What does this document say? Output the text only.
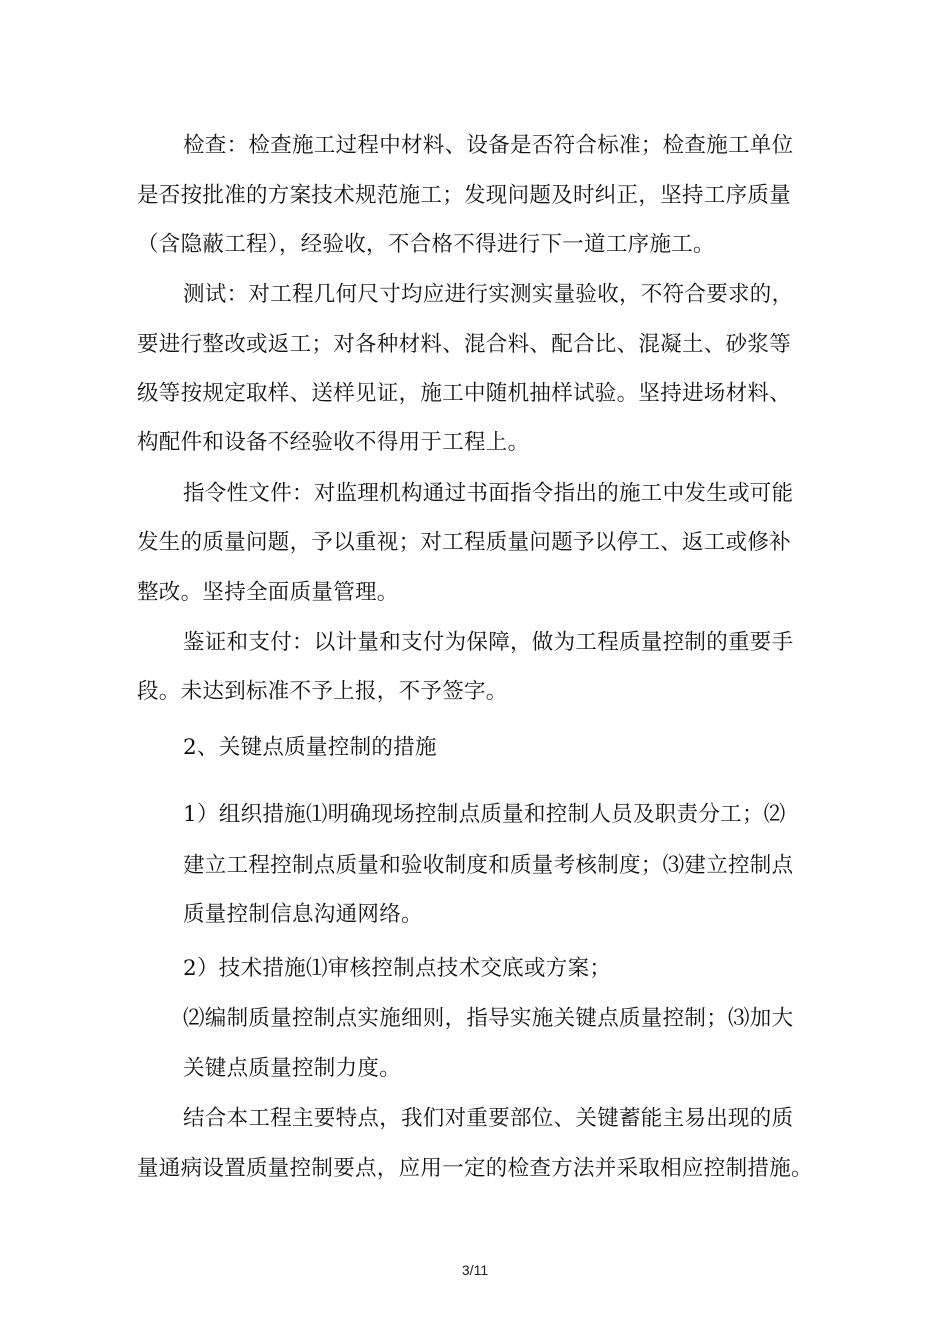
检查：检查施工过程中材料、设备是否符合标准；检查施工单位
是否按批准的方案技术规范施工；发现问题及时纠正，坚持工序质量
（含隐蔽工程），经验收，不合格不得进行下一道工序施工。
测试：对工程几何尺寸均应进行实测实量验收，不符合要求的，
要进行整改或返工；对各种材料、混合料、配合比、混凝土、砂浆等
级等按规定取样、送样见证，施工中随机抽样试验。坚持进场材料、
构配件和设备不经验收不得用于工程上。
指令性文件：对监理机构通过书面指令指出的施工中发生或可能
发生的质量问题，予以重视；对工程质量问题予以停工、返工或修补
整改。坚持全面质量管理。
鉴证和支付：以计量和支付为保障，做为工程质量控制的重要手
段。未达到标准不予上报，不予签字。
2、关键点质量控制的措施
1）组织措施⑴明确现场控制点质量和控制人员及职责分工；⑵
建立工程控制点质量和验收制度和质量考核制度；⑶建立控制点
质量控制信息沟通网络。
2）技术措施⑴审核控制点技术交底或方案；
⑵编制质量控制点实施细则，指导实施关键点质量控制；⑶加大
关键点质量控制力度。
结合本工程主要特点，我们对重要部位、关键蓄能主易出现的质
量通病设置质量控制要点，应用一定的检查方法并采取相应控制措施。
3/11
